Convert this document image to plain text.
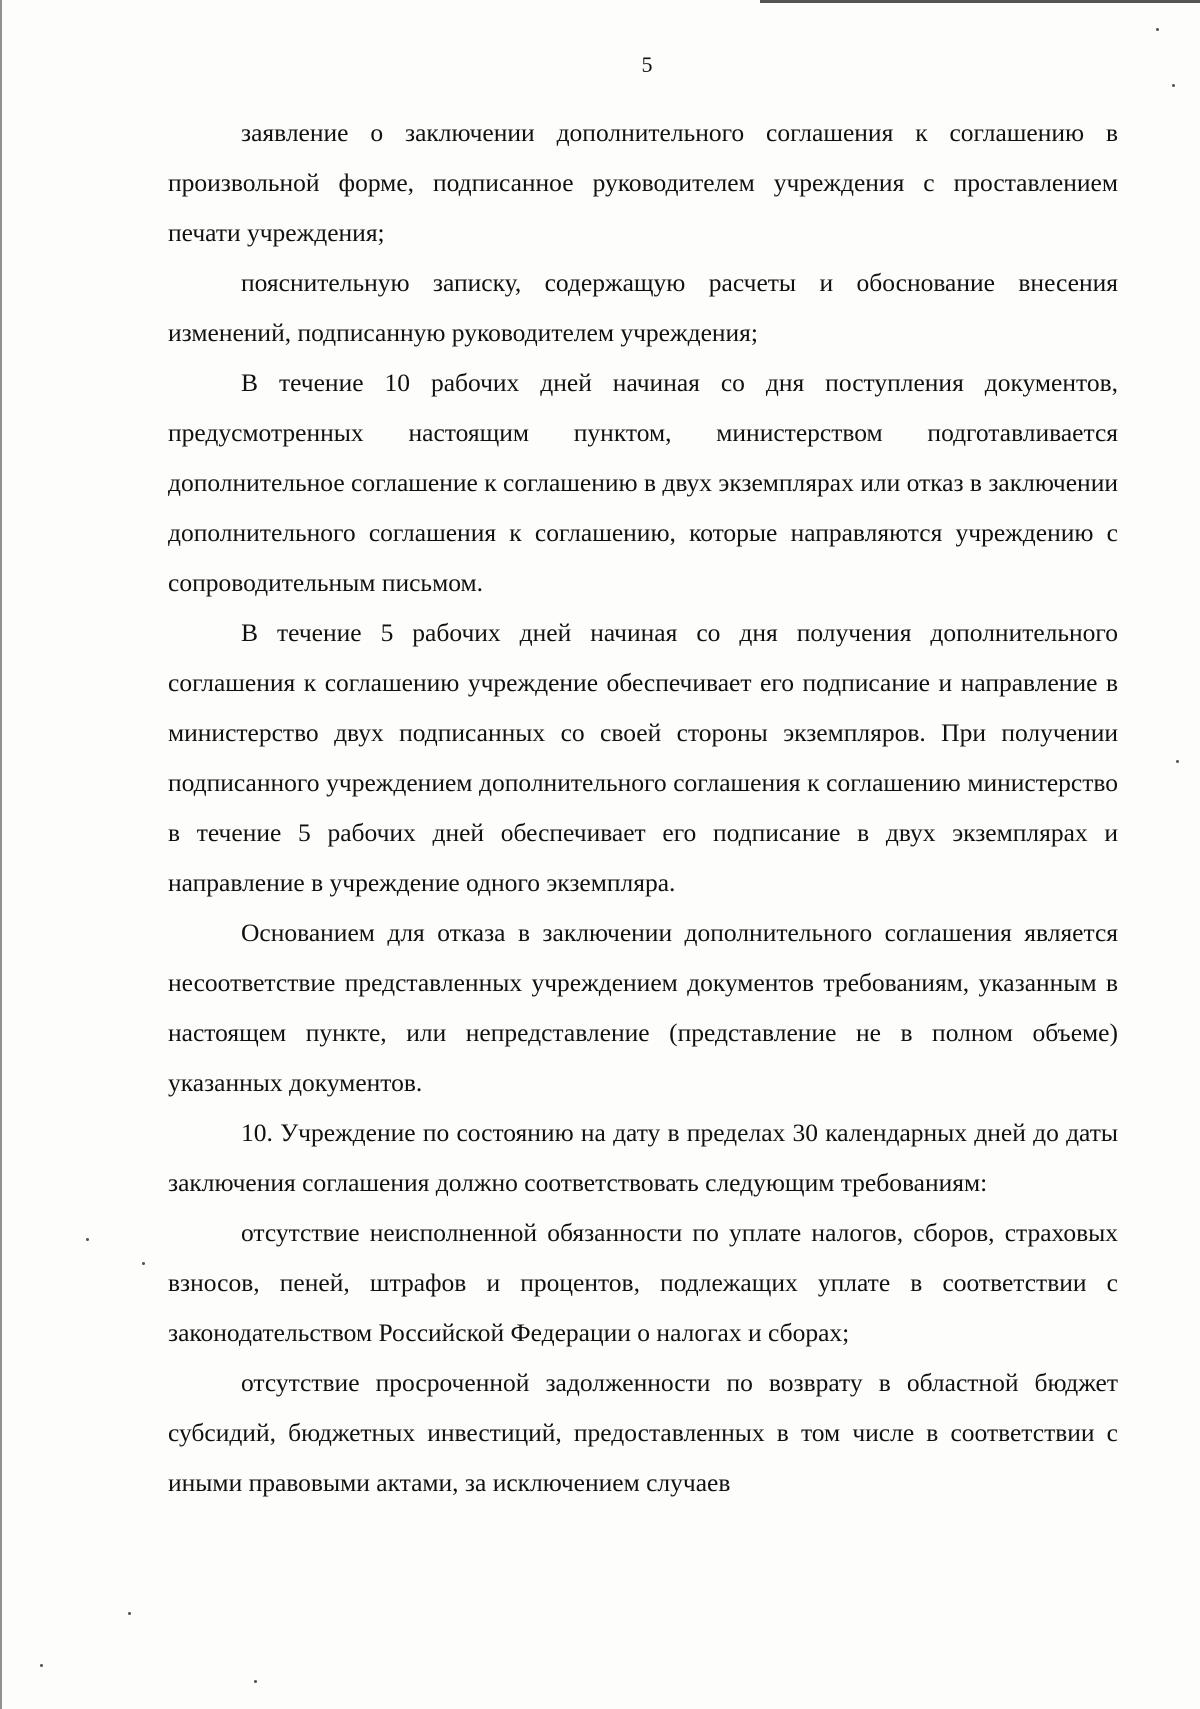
5

заявление о заключении дополнительного соглашения к соглашению в произвольной форме, подписанное руководителем учреждения с проставлением печати учреждения;

пояснительную записку, содержащую расчеты и обоснование внесения изменений, подписанную руководителем учреждения;

В течение 10 рабочих дней начиная со дня поступления документов, предусмотренных настоящим пунктом, министерством подготавливается дополнительное соглашение к соглашению в двух экземплярах или отказ в заключении дополнительного соглашения к соглашению, которые направляются учреждению с сопроводительным письмом.

В течение 5 рабочих дней начиная со дня получения дополнительного соглашения к соглашению учреждение обеспечивает его подписание и направление в министерство двух подписанных со своей стороны экземпляров. При получении подписанного учреждением дополнительного соглашения к соглашению министерство в течение 5 рабочих дней обеспечивает его подписание в двух экземплярах и направление в учреждение одного экземпляра.

Основанием для отказа в заключении дополнительного соглашения является несоответствие представленных учреждением документов требованиям, указанным в настоящем пункте, или непредставление (представление не в полном объеме) указанных документов.

10. Учреждение по состоянию на дату в пределах 30 календарных дней до даты заключения соглашения должно соответствовать следующим требованиям:

отсутствие неисполненной обязанности по уплате налогов, сборов, страховых взносов, пеней, штрафов и процентов, подлежащих уплате в соответствии с законодательством Российской Федерации о налогах и сборах;

отсутствие просроченной задолженности по возврату в областной бюджет субсидий, бюджетных инвестиций, предоставленных в том числе в соответствии с иными правовыми актами, за исключением случаев
